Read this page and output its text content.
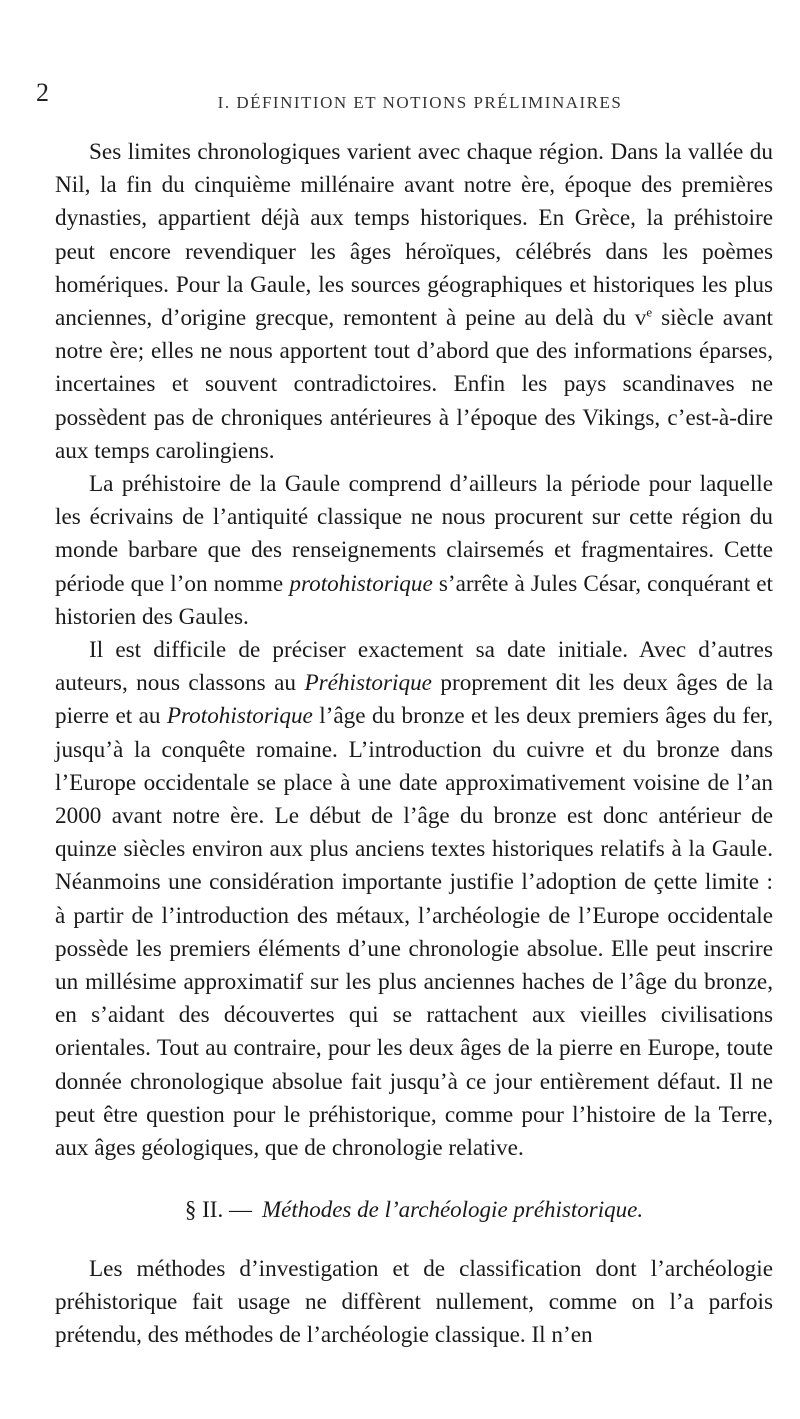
2	I. DÉFINITION ET NOTIONS PRÉLIMINAIRES

Ses limites chronologiques varient avec chaque région. Dans la vallée du Nil, la fin du cinquième millénaire avant notre ère, époque des premières dynasties, appartient déjà aux temps historiques. En Grèce, la préhistoire peut encore revendiquer les âges héroïques, célébrés dans les poèmes homériques. Pour la Gaule, les sources géographiques et historiques les plus anciennes, d’origine grecque, remontent à peine au delà du $v^e$ siècle avant notre ère; elles ne nous apportent tout d’abord que des informations éparses, incertaines et souvent contradictoires. Enfin les pays scandinaves ne possèdent pas de chroniques antérieures à l’époque des Vikings, c’est-à-dire aux temps carolingiens.

La préhistoire de la Gaule comprend d’ailleurs la période pour laquelle les écrivains de l’antiquité classique ne nous procurent sur cette région du monde barbare que des renseignements clairsemés et fragmentaires. Cette période que l’on nomme protohistorique s’arrête à Jules César, conquérant et historien des Gaules.

Il est difficile de préciser exactement sa date initiale. Avec d’autres auteurs, nous classons au Préhistorique proprement dit les deux âges de la pierre et au Protohistorique l’âge du bronze et les deux premiers âges du fer, jusqu’à la conquête romaine. L’introduction du cuivre et du bronze dans l’Europe occidentale se place à une date approximativement voisine de l’an 2000 avant notre ère. Le début de l’âge du bronze est donc antérieur de quinze siècles environ aux plus anciens textes historiques relatifs à la Gaule. Néanmoins une considération importante justifie l’adoption de çette limite : à partir de l’introduction des métaux, l’archéologie de l’Europe occidentale possède les premiers éléments d’une chronologie absolue. Elle peut inscrire un millésime approximatif sur les plus anciennes haches de l’âge du bronze, en s’aidant des découvertes qui se rattachent aux vieilles civilisations orientales. Tout au contraire, pour les deux âges de la pierre en Europe, toute donnée chronologique absolue fait jusqu’à ce jour entièrement défaut. Il ne peut être question pour le préhistorique, comme pour l’histoire de la Terre, aux âges géologiques, que de chronologie relative.

§ II. — Méthodes de l’archéologie préhistorique.

Les méthodes d’investigation et de classification dont l’archéologie préhistorique fait usage ne diffèrent nullement, comme on l’a parfois prétendu, des méthodes de l’archéologie classique. Il n’en
